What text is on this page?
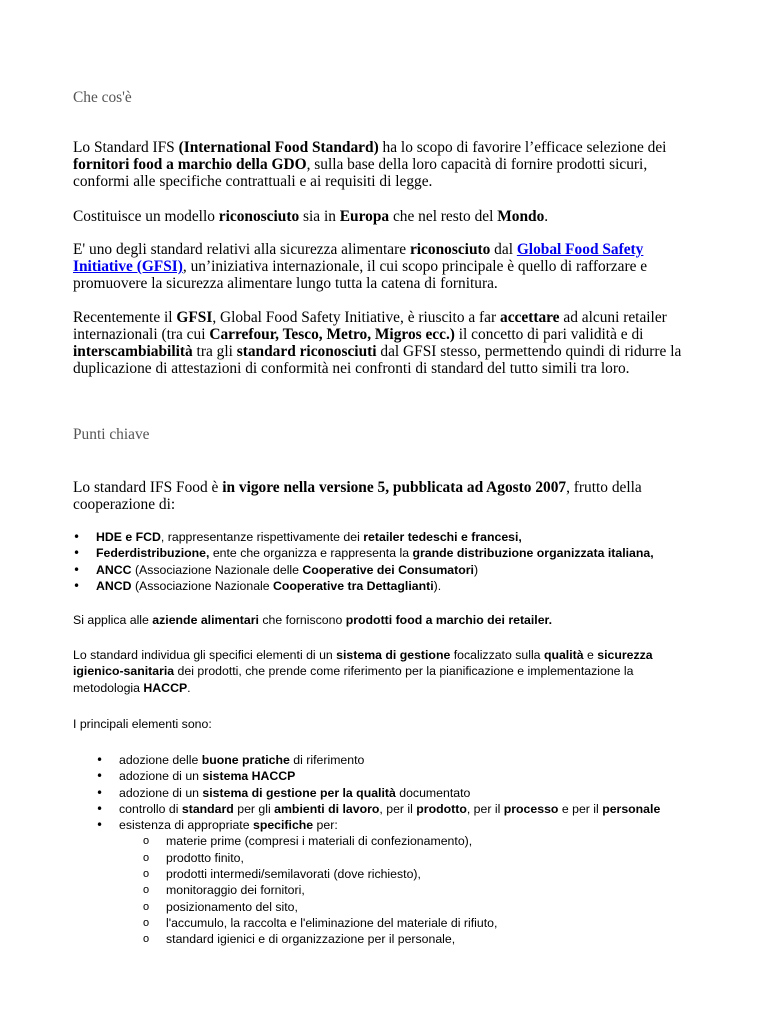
Che cos'è

Lo Standard IFS (International Food Standard) ha lo scopo di favorire l’efficace selezione dei fornitori food a marchio della GDO, sulla base della loro capacità di fornire prodotti sicuri, conformi alle specifiche contrattuali e ai requisiti di legge.

Costituisce un modello riconosciuto sia in Europa che nel resto del Mondo.

E' uno degli standard relativi alla sicurezza alimentare riconosciuto dal Global Food Safety Initiative (GFSI), un’iniziativa internazionale, il cui scopo principale è quello di rafforzare e promuovere la sicurezza alimentare lungo tutta la catena di fornitura.

Recentemente il GFSI, Global Food Safety Initiative, è riuscito a far accettare ad alcuni retailer internazionali (tra cui Carrefour, Tesco, Metro, Migros ecc.) il concetto di pari validità e di interscambiabilità tra gli standard riconosciuti dal GFSI stesso, permettendo quindi di ridurre la duplicazione di attestazioni di conformità nei confronti di standard del tutto simili tra loro.

Punti chiave

Lo standard IFS Food è in vigore nella versione 5, pubblicata ad Agosto 2007, frutto della cooperazione di:

• HDE e FCD, rappresentanze rispettivamente dei retailer tedeschi e francesi,
• Federdistribuzione, ente che organizza e rappresenta la grande distribuzione organizzata italiana,
• ANCC (Associazione Nazionale delle Cooperative dei Consumatori)
• ANCD (Associazione Nazionale Cooperative tra Dettaglianti).

Si applica alle aziende alimentari che forniscono prodotti food a marchio dei retailer.

Lo standard individua gli specifici elementi di un sistema di gestione focalizzato sulla qualità e sicurezza igienico-sanitaria dei prodotti, che prende come riferimento per la pianificazione e implementazione la metodologia HACCP.

I principali elementi sono:

• adozione delle buone pratiche di riferimento
• adozione di un sistema HACCP
• adozione di un sistema di gestione per la qualità documentato
• controllo di standard per gli ambienti di lavoro, per il prodotto, per il processo e per il personale
• esistenza di appropriate specifiche per:
o materie prime (compresi i materiali di confezionamento),
o prodotto finito,
o prodotti intermedi/semilavorati (dove richiesto),
o monitoraggio dei fornitori,
o posizionamento del sito,
o l'accumulo, la raccolta e l'eliminazione del materiale di rifiuto,
o standard igienici e di organizzazione per il personale,
